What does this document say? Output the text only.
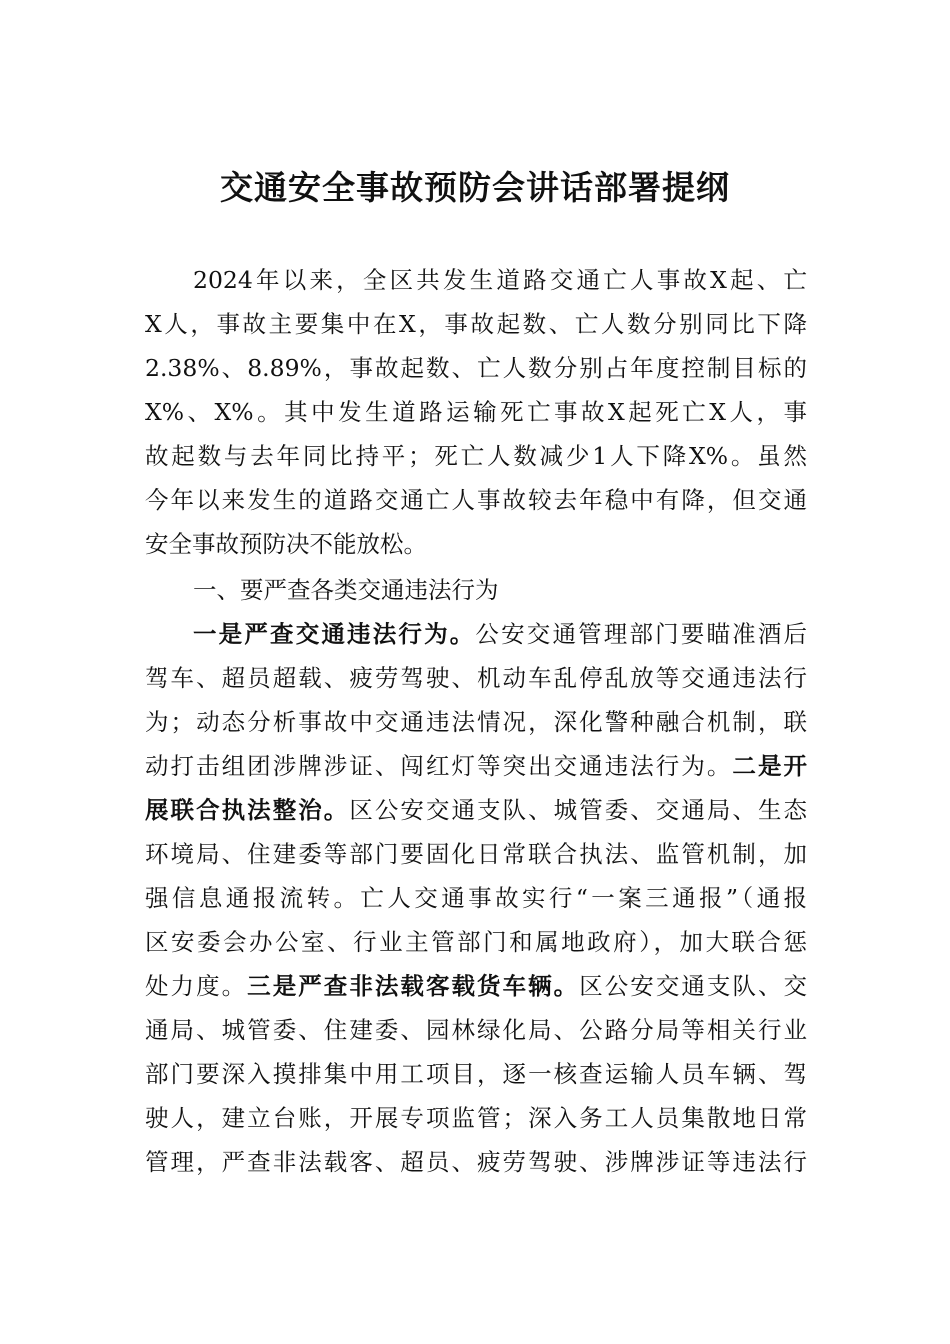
交通安全事故预防会讲话部署提纲
2024年以来，全区共发生道路交通亡人事故X起、亡
X人，事故主要集中在X，事故起数、亡人数分别同比下降
2.38%、8.89%，事故起数、亡人数分别占年度控制目标的
X%、X%。其中发生道路运输死亡事故X起死亡X人，事
故起数与去年同比持平；死亡人数减少1人下降X%。虽然
今年以来发生的道路交通亡人事故较去年稳中有降，但交通
安全事故预防决不能放松。
一、要严查各类交通违法行为
一是严查交通违法行为。公安交通管理部门要瞄准酒后
驾车、超员超载、疲劳驾驶、机动车乱停乱放等交通违法行
为；动态分析事故中交通违法情况，深化警种融合机制，联
动打击组团涉牌涉证、闯红灯等突出交通违法行为。二是开
展联合执法整治。区公安交通支队、城管委、交通局、生态
环境局、住建委等部门要固化日常联合执法、监管机制，加
强信息通报流转。亡人交通事故实行“一案三通报”（通报
区安委会办公室、行业主管部门和属地政府），加大联合惩
处力度。三是严查非法载客载货车辆。区公安交通支队、交
通局、城管委、住建委、园林绿化局、公路分局等相关行业
部门要深入摸排集中用工项目，逐一核查运输人员车辆、驾
驶人，建立台账，开展专项监管；深入务工人员集散地日常
管理，严查非法载客、超员、疲劳驾驶、涉牌涉证等违法行
